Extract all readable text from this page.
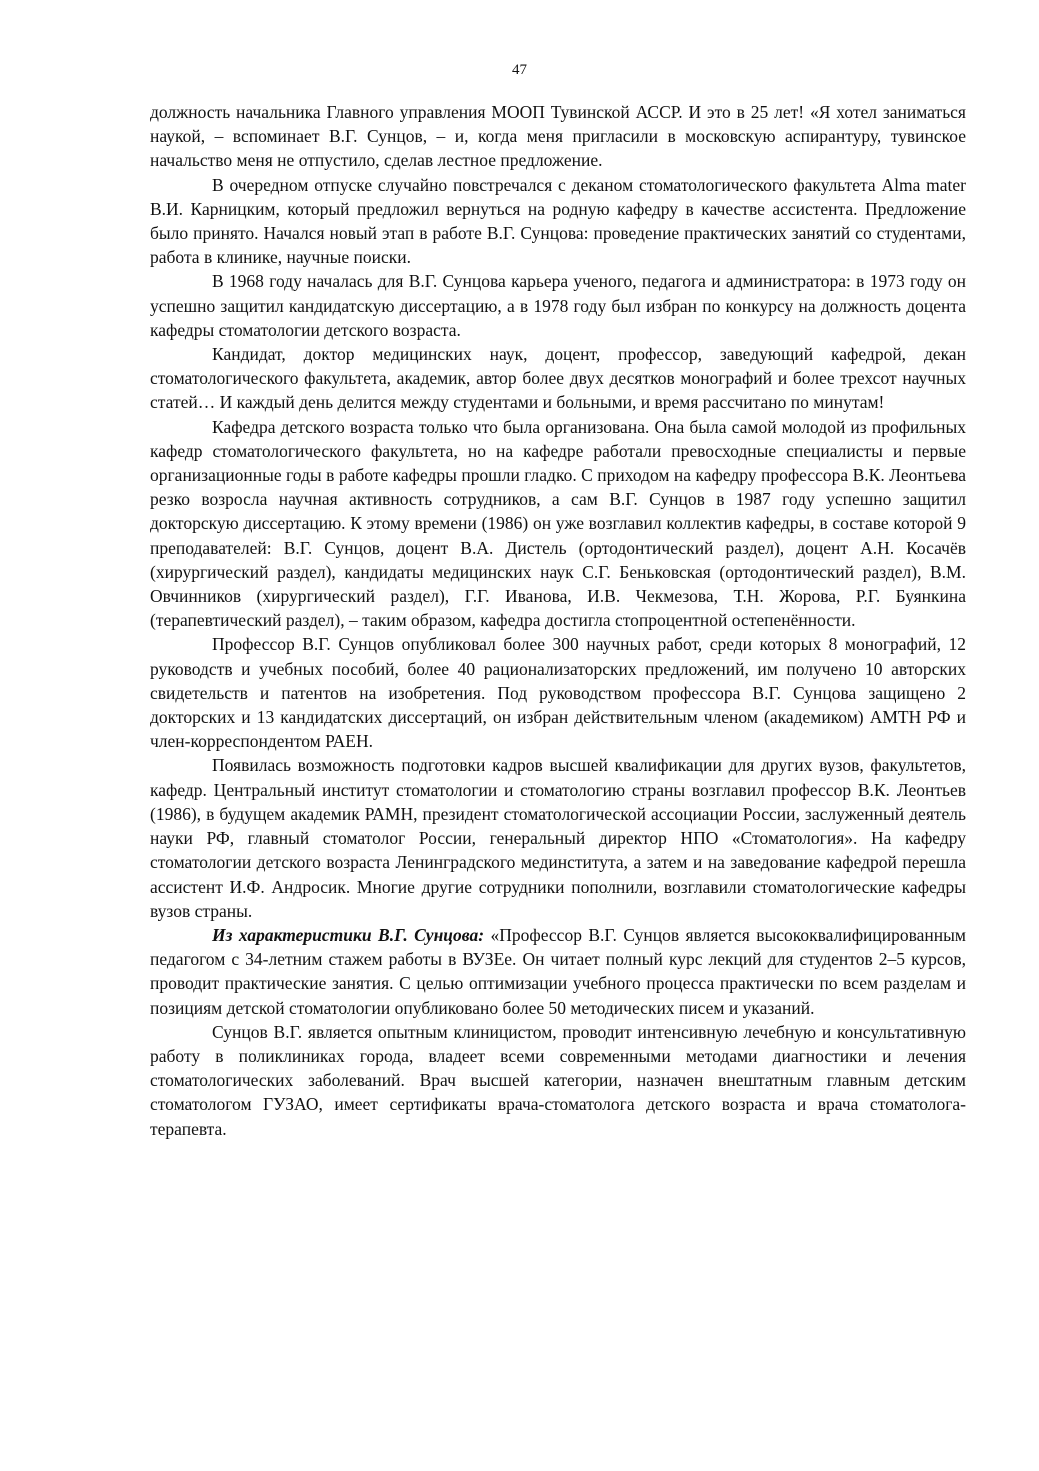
47

должность начальника Главного управления МООП Тувинской АССР. И это в 25 лет! «Я хотел заниматься наукой, – вспоминает В.Г. Сунцов, – и, когда меня пригласили в московскую аспирантуру, тувинское начальство меня не отпустило, сделав лестное предложение.

В очередном отпуске случайно повстречался с деканом стоматологического факультета Alma mater В.И. Карницким, который предложил вернуться на родную кафедру в качестве ассистента. Предложение было принято. Начался новый этап в работе В.Г. Сунцова: проведение практических занятий со студентами, работа в клинике, научные поиски.

В 1968 году началась для В.Г. Сунцова карьера ученого, педагога и администратора: в 1973 году он успешно защитил кандидатскую диссертацию, а в 1978 году был избран по конкурсу на должность доцента кафедры стоматологии детского возраста.

Кандидат, доктор медицинских наук, доцент, профессор, заведующий кафедрой, декан стоматологического факультета, академик, автор более двух десятков монографий и более трехсот научных статей… И каждый день делится между студентами и больными, и время рассчитано по минутам!

Кафедра детского возраста только что была организована. Она была самой молодой из профильных кафедр стоматологического факультета, но на кафедре работали превосходные специалисты и первые организационные годы в работе кафедры прошли гладко. С приходом на кафедру профессора В.К. Леонтьева резко возросла научная активность сотрудников, а сам В.Г. Сунцов в 1987 году успешно защитил докторскую диссертацию. К этому времени (1986) он уже возглавил коллектив кафедры, в составе которой 9 преподавателей: В.Г. Сунцов, доцент В.А. Дистель (ортодонтический раздел), доцент А.Н. Косачёв (хирургический раздел), кандидаты медицинских наук С.Г. Беньковская (ортодонтический раздел), В.М. Овчинников (хирургический раздел), Г.Г. Иванова, И.В. Чекмезова, Т.Н. Жорова, Р.Г. Буянкина (терапевтический раздел), – таким образом, кафедра достигла стопроцентной остепенённости.

Профессор В.Г. Сунцов опубликовал более 300 научных работ, среди которых 8 монографий, 12 руководств и учебных пособий, более 40 рационализаторских предложений, им получено 10 авторских свидетельств и патентов на изобретения. Под руководством профессора В.Г. Сунцова защищено 2 докторских и 13 кандидатских диссертаций, он избран действительным членом (академиком) АМТН РФ и член-корреспондентом РАЕН.

Появилась возможность подготовки кадров высшей квалификации для других вузов, факультетов, кафедр. Центральный институт стоматологии и стоматологию страны возглавил профессор В.К. Леонтьев (1986), в будущем академик РАМН, президент стоматологической ассоциации России, заслуженный деятель науки РФ, главный стоматолог России, генеральный директор НПО «Стоматология». На кафедру стоматологии детского возраста Ленинградского мединститута, а затем и на заведование кафедрой перешла ассистент И.Ф. Андросик. Многие другие сотрудники пополнили, возглавили стоматологические кафедры вузов страны.

Из характеристики В.Г. Сунцова: «Профессор В.Г. Сунцов является высококвалифицированным педагогом с 34-летним стажем работы в ВУЗЕе. Он читает полный курс лекций для студентов 2–5 курсов, проводит практические занятия. С целью оптимизации учебного процесса практически по всем разделам и позициям детской стоматологии опубликовано более 50 методических писем и указаний.

Сунцов В.Г. является опытным клиницистом, проводит интенсивную лечебную и консультативную работу в поликлиниках города, владеет всеми современными методами диагностики и лечения стоматологических заболеваний. Врач высшей категории, назначен внештатным главным детским стоматологом ГУЗАО, имеет сертификаты врача-стоматолога детского возраста и врача стоматолога-терапевта.
